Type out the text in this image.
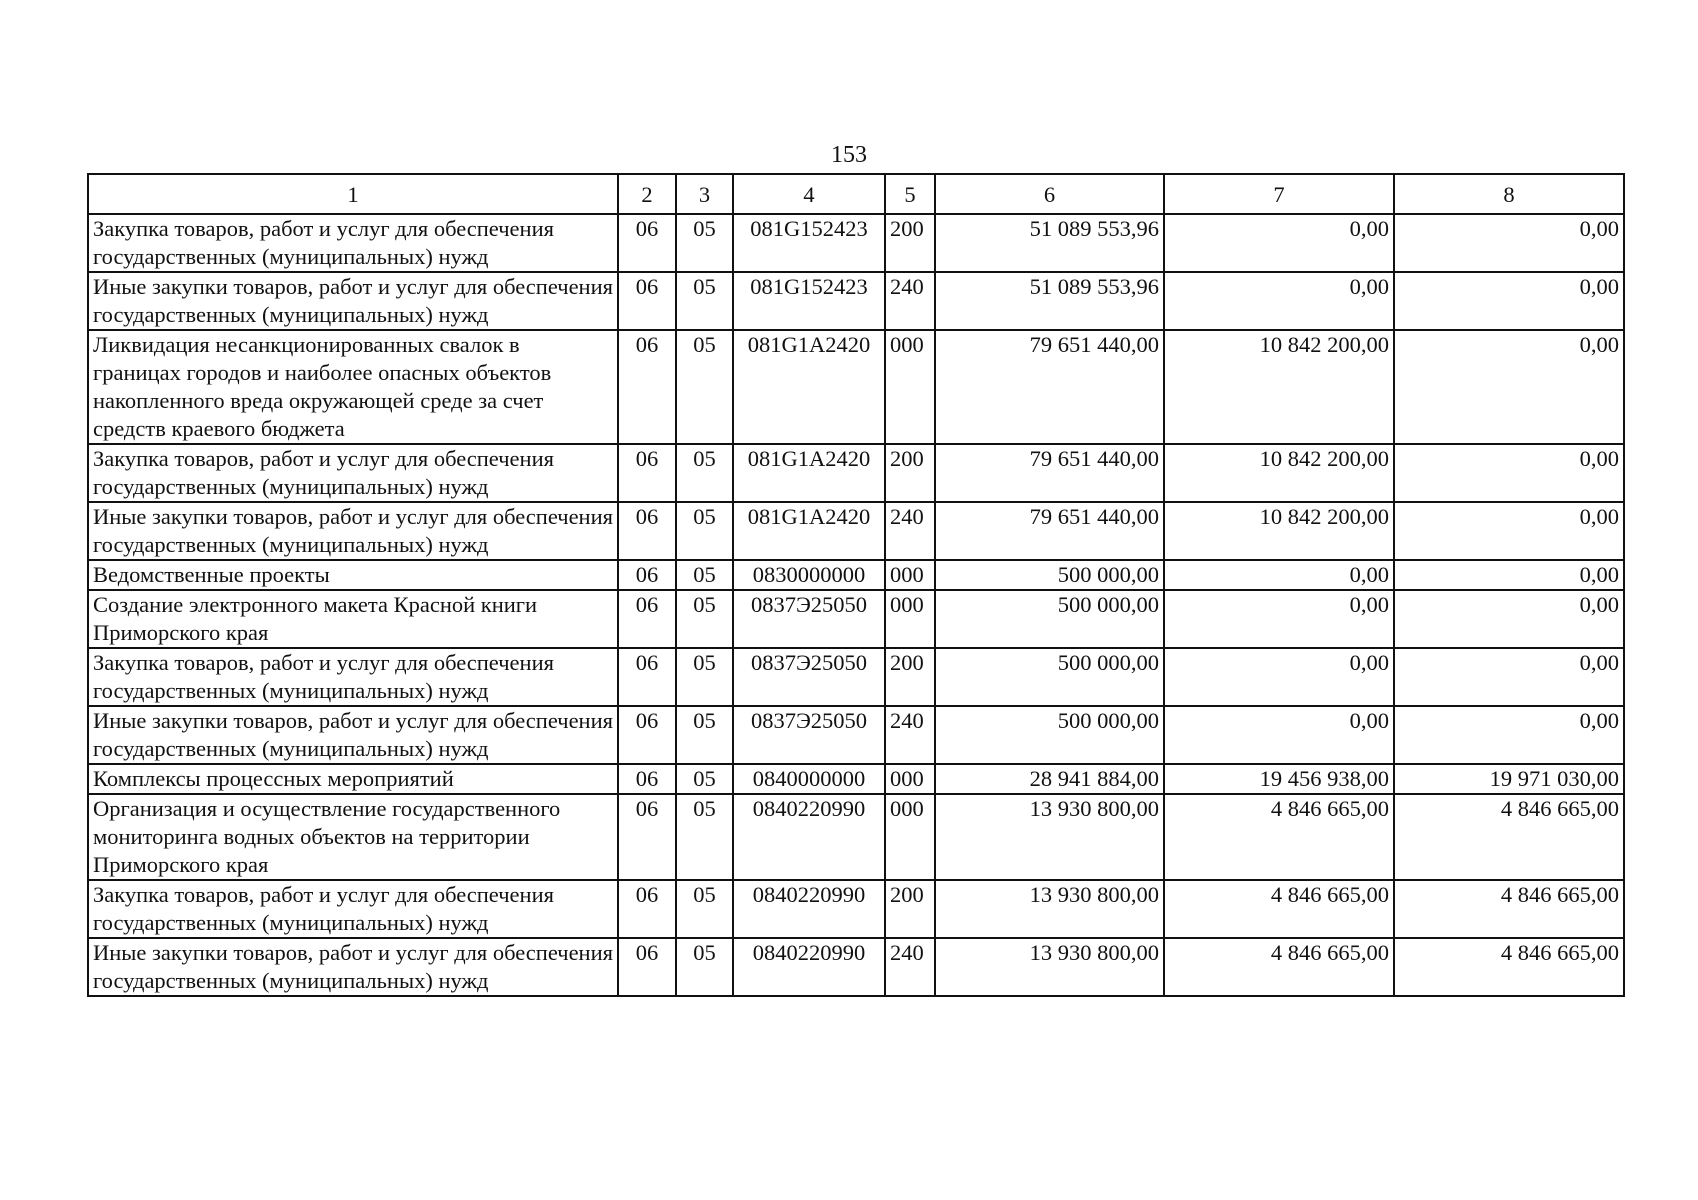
153
1	2	3	4	5	6	7	8
Закупка товаров, работ и услуг для обеспечения государственных (муниципальных) нужд	06	05	081G152423	200	51 089 553,96	0,00	0,00
Иные закупки товаров, работ и услуг для обеспечения государственных (муниципальных) нужд	06	05	081G152423	240	51 089 553,96	0,00	0,00
Ликвидация несанкционированных свалок в границах городов и наиболее опасных объектов накопленного вреда окружающей среде за счет средств краевого бюджета	06	05	081G1A2420	000	79 651 440,00	10 842 200,00	0,00
Закупка товаров, работ и услуг для обеспечения государственных (муниципальных) нужд	06	05	081G1A2420	200	79 651 440,00	10 842 200,00	0,00
Иные закупки товаров, работ и услуг для обеспечения государственных (муниципальных) нужд	06	05	081G1A2420	240	79 651 440,00	10 842 200,00	0,00
Ведомственные проекты	06	05	0830000000	000	500 000,00	0,00	0,00
Создание электронного макета Красной книги Приморского края	06	05	0837Э25050	000	500 000,00	0,00	0,00
Закупка товаров, работ и услуг для обеспечения государственных (муниципальных) нужд	06	05	0837Э25050	200	500 000,00	0,00	0,00
Иные закупки товаров, работ и услуг для обеспечения государственных (муниципальных) нужд	06	05	0837Э25050	240	500 000,00	0,00	0,00
Комплексы процессных мероприятий	06	05	0840000000	000	28 941 884,00	19 456 938,00	19 971 030,00
Организация и осуществление государственного мониторинга водных объектов на территории Приморского края	06	05	0840220990	000	13 930 800,00	4 846 665,00	4 846 665,00
Закупка товаров, работ и услуг для обеспечения государственных (муниципальных) нужд	06	05	0840220990	200	13 930 800,00	4 846 665,00	4 846 665,00
Иные закупки товаров, работ и услуг для обеспечения государственных (муниципальных) нужд	06	05	0840220990	240	13 930 800,00	4 846 665,00	4 846 665,00
